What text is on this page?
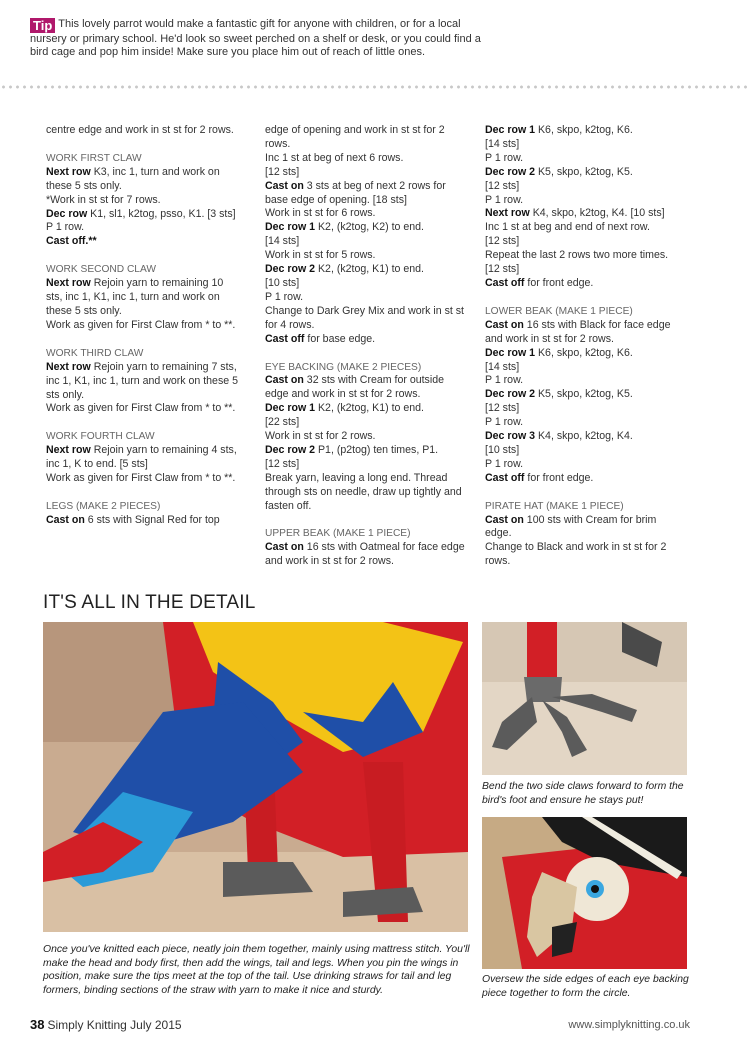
Tip This lovely parrot would make a fantastic gift for anyone with children, or for a local nursery or primary school. He'd look so sweet perched on a shelf or desk, or you could find a bird cage and pop him inside! Make sure you place him out of reach of little ones.

centre edge and work in st st for 2 rows.

WORK FIRST CLAW

Next row K3, inc 1, turn and work on these 5 sts only.

*Work in st st for 7 rows.

Dec row K1, sl1, k2tog, psso, K1. [3 sts]

P 1 row.

Cast off.**

WORK SECOND CLAW

Next row Rejoin yarn to remaining 10 sts, inc 1, K1, inc 1, turn and work on these 5 sts only.

Work as given for First Claw from * to **.

WORK THIRD CLAW

Next row Rejoin yarn to remaining 7 sts, inc 1, K1, inc 1, turn and work on these 5 sts only.

Work as given for First Claw from * to **.

WORK FOURTH CLAW

Next row Rejoin yarn to remaining 4 sts, inc 1, K to end. [5 sts]

Work as given for First Claw from * to **.

LEGS (MAKE 2 PIECES)

Cast on 6 sts with Signal Red for top

edge of opening and work in st st for 2 rows.

Inc 1 st at beg of next 6 rows.

[12 sts]

Cast on 3 sts at beg of next 2 rows for base edge of opening. [18 sts]

Work in st st for 6 rows.

Dec row 1 K2, (k2tog, K2) to end.

[14 sts]

Work in st st for 5 rows.

Dec row 2 K2, (k2tog, K1) to end.

[10 sts]

P 1 row.

Change to Dark Grey Mix and work in st st for 4 rows.

Cast off for base edge.

EYE BACKING (MAKE 2 PIECES)

Cast on 32 sts with Cream for outside edge and work in st st for 2 rows.

Dec row 1 K2, (k2tog, K1) to end.

[22 sts]

Work in st st for 2 rows.

Dec row 2 P1, (p2tog) ten times, P1.

[12 sts]

Break yarn, leaving a long end. Thread through sts on needle, draw up tightly and fasten off.

UPPER BEAK (MAKE 1 PIECE)

Cast on 16 sts with Oatmeal for face edge and work in st st for 2 rows.

Dec row 1 K6, skpo, k2tog, K6.

[14 sts]

P 1 row.

Dec row 2 K5, skpo, k2tog, K5.

[12 sts]

P 1 row.

Next row K4, skpo, k2tog, K4. [10 sts]

Inc 1 st at beg and end of next row.

[12 sts]

Repeat the last 2 rows two more times.

[12 sts]

Cast off for front edge.

LOWER BEAK (MAKE 1 PIECE)

Cast on 16 sts with Black for face edge and work in st st for 2 rows.

Dec row 1 K6, skpo, k2tog, K6.

[14 sts]

P 1 row.

Dec row 2 K5, skpo, k2tog, K5.

[12 sts]

P 1 row.

Dec row 3 K4, skpo, k2tog, K4.

[10 sts]

P 1 row.

Cast off for front edge.

PIRATE HAT (MAKE 1 PIECE)

Cast on 100 sts with Cream for brim edge.

Change to Black and work in st st for 2 rows.

IT'S ALL IN THE DETAIL
Bend the two side claws forward to form the bird's foot and ensure he stays put!
Oversew the side edges of each eye backing piece together to form the circle.
Once you've knitted each piece, neatly join them together, mainly using mattress stitch. You'll make the head and body first, then add the wings, tail and legs. When you pin the wings in position, make sure the tips meet at the top of the tail. Use drinking straws for tail and leg formers, binding sections of the straw with yarn to make it nice and sturdy.
38 Simply Knitting July 2015	www.simplyknitting.co.uk
